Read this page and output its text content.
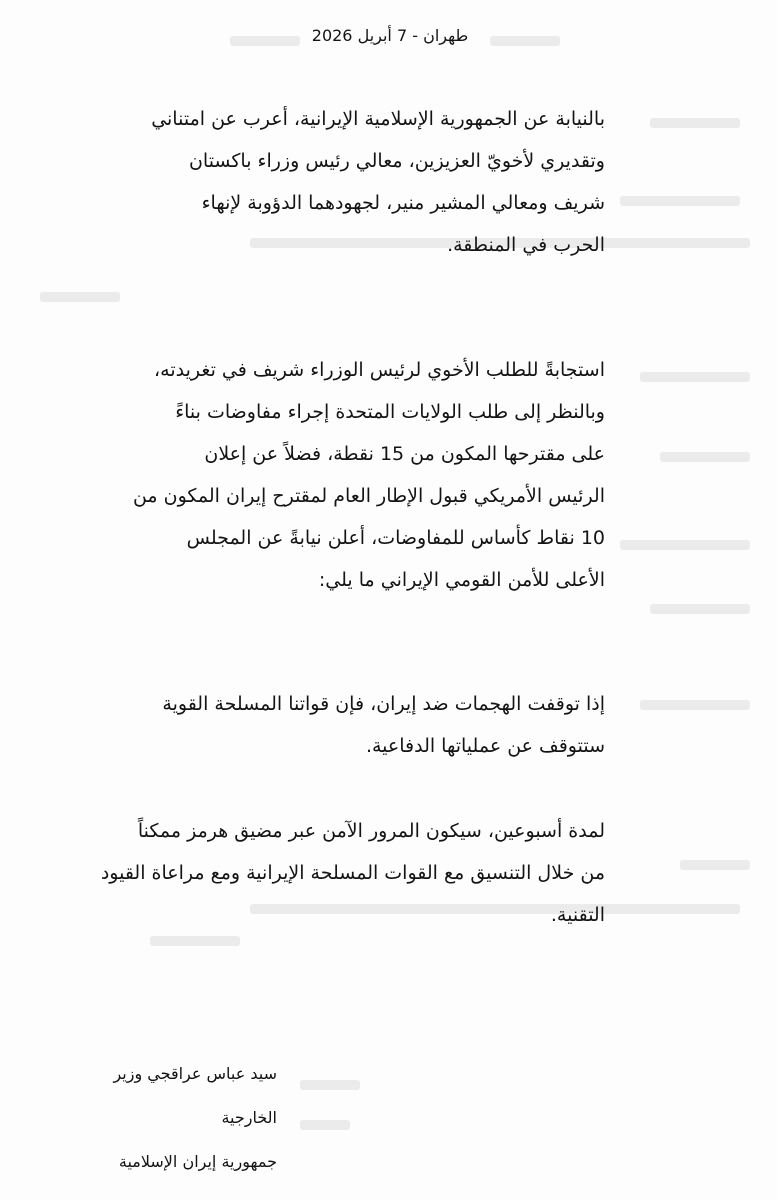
طهران - 7 أبريل 2026

بالنيابة عن الجمهورية الإسلامية الإيرانية، أعرب عن امتناني
وتقديري لأخويّ العزيزين، معالي رئيس وزراء باكستان
شريف ومعالي المشير منير، لجهودهما الدؤوبة لإنهاء
الحرب في المنطقة.

استجابةً للطلب الأخوي لرئيس الوزراء شريف في تغريدته،
وبالنظر إلى طلب الولايات المتحدة إجراء مفاوضات بناءً
على مقترحها المكون من 15 نقطة، فضلاً عن إعلان
الرئيس الأمريكي قبول الإطار العام لمقترح إيران المكون من
10 نقاط كأساس للمفاوضات، أعلن نيابةً عن المجلس
الأعلى للأمن القومي الإيراني ما يلي:

إذا توقفت الهجمات ضد إيران، فإن قواتنا المسلحة القوية
ستتوقف عن عملياتها الدفاعية.

لمدة أسبوعين، سيكون المرور الآمن عبر مضيق هرمز ممكناً
من خلال التنسيق مع القوات المسلحة الإيرانية ومع مراعاة القيود
التقنية.

سيد عباس عراقجي وزير
الخارجية
جمهورية إيران الإسلامية
